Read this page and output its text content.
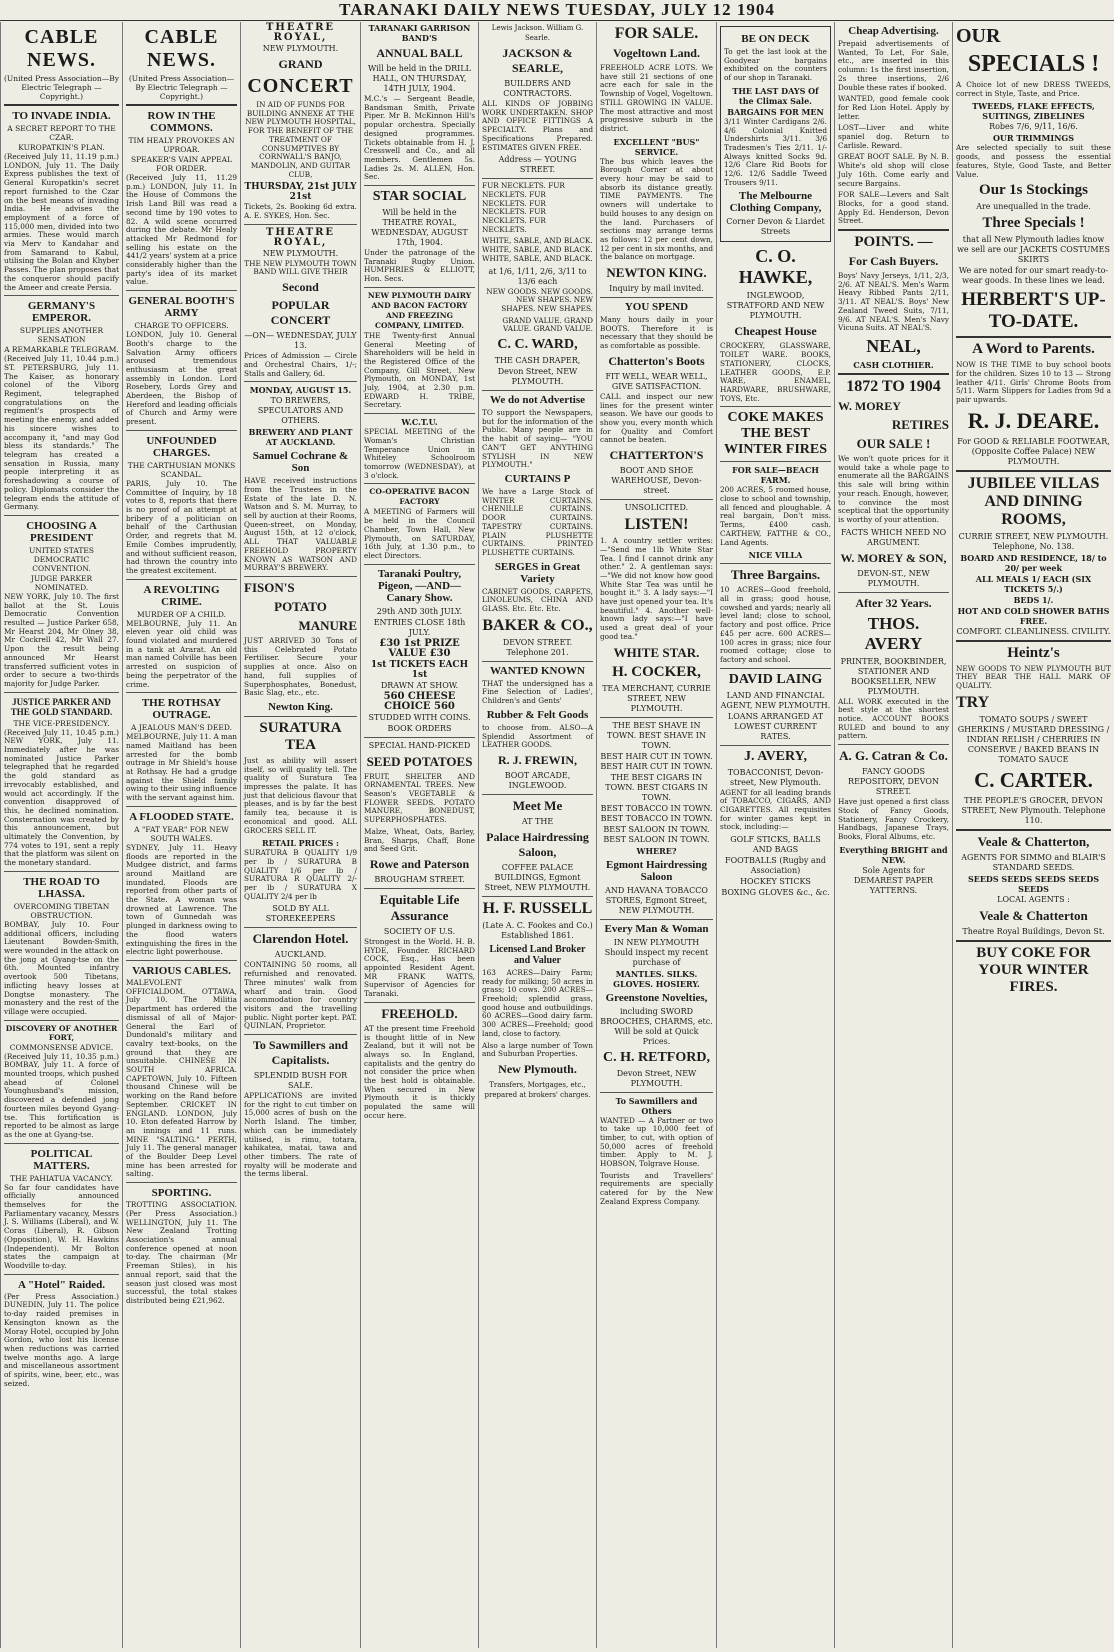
TARANAKI DAILY NEWS TUESDAY, JULY 12 1904
CABLE NEWS.
(United Press Association—By Electric Telegraph — Copyright.)
TO INVADE INDIA.
A SECRET REPORT TO THE CZAR.
KUROPATKIN'S PLAN.
(Received July 11, 11.19 p.m.) LONDON, July 11. The Daily Express publishes the text of General Kuropatkin's secret report furnished to the Czar on the best means of invading India. He advises the employment of a force of 115,000 men, divided into two armies. These would march via Merv to Kandahar and from Samarand to Kabul, utilising the Bolan and Khyber Passes. The plan proposes that the conqueror should pacify the Ameer and create Persia.
GERMANY'S EMPEROR.
SUPPLIES ANOTHER SENSATION
A REMARKABLE TELEGRAM.
(Received July 11, 10.44 p.m.) ST. PETERSBURG, July 11. The Kaiser, as honorary colonel of the Viborg Regiment, telegraphed congratulations on the regiment's prospects of meeting the enemy, and added his sincere wishes to accompany it, "and may God bless its standards." The telegram has created a sensation in Russia, many people interpreting it as foreshadowing a course of policy. Diplomats consider the telegram ends the attitude of Germany.
CHOOSING A PRESIDENT
UNITED STATES DEMOCRATIC CONVENTION.
JUDGE PARKER NOMINATED.
NEW YORK, July 10. The first ballot at the St. Louis Democratic Convention resulted — Justice Parker 658, Mr Hearst 204, Mr Olney 38, Mr Cockrell 42, Mr Wall 27. Upon the result being announced Mr Hearst transferred sufficient votes in order to secure a two-thirds majority for Judge Parker.
JUSTICE PARKER AND THE GOLD STANDARD.
THE VICE-PRESIDENCY.
(Received July 11, 10.45 p.m.) NEW YORK, July 11. Immediately after he was nominated Justice Parker telegraphed that he regarded the gold standard as irrevocably established, and would act accordingly. If the convention disapproved of this, he declined nomination. Consternation was created by this announcement, but ultimately the Convention, by 774 votes to 191, sent a reply that the platform was silent on the monetary standard.
THE ROAD TO LHASSA.
OVERCOMING TIBETAN OBSTRUCTION.
BOMBAY, July 10. Four additional officers, including Lieutenant Bowden-Smith, were wounded in the attack on the jong at Gyang-tse on the 6th. Mounted infantry overtook 500 Tibetans, inflicting heavy losses at Dongtse monastery. The monastery and the rest of the village were occupied.
DISCOVERY OF ANOTHER FORT,
COMMONSENSE ADVICE.
(Received July 11, 10.35 p.m.) BOMBAY, July 11. A force of mounted troops, which pushed ahead of Colonel Younghusband's mission, discovered a defended jong fourteen miles beyond Gyang-tse. This fortification is reported to be almost as large as the one at Gyang-tse.
POLITICAL MATTERS.
THE PAHIATUA VACANCY.
So far four candidates have officially announced themselves for the Parliamentary vacancy, Messrs J. S. Williams (Liberal), and W. Coras (Liberal), R. Gibson (Opposition), W. H. Hawkins (Independent). Mr Bolton states the campaign at Woodville to-day.
A "Hotel" Raided.
(Per Press Association.) DUNEDIN, July 11. The police to-day raided premises in Kensington known as the Moray Hotel, occupied by John Gordon, who lost his license when reductions was carried twelve months ago. A large and miscellaneous assortment of spirits, wine, beer, etc., was seized.
CABLE NEWS.
(United Press Association—By Electric Telegraph — Copyright.)
ROW IN THE COMMONS.
TIM HEALY PROVOKES AN UPROAR.
SPEAKER'S VAIN APPEAL FOR ORDER.
(Received July 11, 11.29 p.m.) LONDON, July 11. In the House of Commons the Irish Land Bill was read a second time by 190 votes to 82. A wild scene occurred during the debate. Mr Healy attacked Mr Redmond for selling his estate on the 441/2 years' system at a price considerably higher than the party's idea of its market value.
GENERAL BOOTH'S ARMY
CHARGE TO OFFICERS.
LONDON, July 10. General Booth's charge to the Salvation Army officers aroused tremendous enthusiasm at the great assembly in London. Lord Rosebery, Lords Grey and Aberdeen, the Bishop of Hereford and leading officials of Church and Army were present.
UNFOUNDED CHARGES.
THE CARTHUSIAN MONKS SCANDAL.
PARIS, July 10. The Committee of Inquiry, by 18 votes to 8, reports that there is no proof of an attempt at bribery of a politician on behalf of the Carthusian Order, and regrets that M. Emile Combes imprudently, and without sufficient reason, had thrown the country into the greatest excitement.
A REVOLTING CRIME.
MURDER OF A CHILD.
MELBOURNE, July 11. An eleven year old child was found violated and murdered in a tank at Ararat. An old man named Colville has been arrested on suspicion of being the perpetrator of the crime.
THE ROTHSAY OUTRAGE.
A JEALOUS MAN'S DEED.
MELBOURNE, July 11. A man named Maitland has been arrested for the bomb outrage in Mr Shield's house at Rothsay. He had a grudge against the Shield family owing to their using influence with the servant against him.
A FLOODED STATE.
A "FAT YEAR" FOR NEW SOUTH WALES.
SYDNEY, July 11. Heavy floods are reported in the Mudgee district, and farms around Maitland are inundated. Floods are reported from other parts of the State. A woman was drowned at Lawrence. The town of Gunnedah was plunged in darkness owing to the flood waters extinguishing the fires in the electric light powerhouse.
VARIOUS CABLES.
MALEVOLENT OFFICIALDOM. OTTAWA, July 10. The Militia Department has ordered the dismissal of all of Major-General the Earl of Dundonald's military and cavalry text-books, on the ground that they are unsuitable. CHINESE IN SOUTH AFRICA. CAPETOWN, July 10. Fifteen thousand Chinese will be working on the Rand before September. CRICKET IN ENGLAND. LONDON, July 10. Eton defeated Harrow by an innings and 11 runs. MINE "SALTING." PERTH, July 11. The general manager of the Boulder Deep Level mine has been arrested for salting.
SPORTING.
TROTTING ASSOCIATION. (Per Press Association.) WELLINGTON, July 11. The New Zealand Trotting Association's annual conference opened at noon to-day. The chairman (Mr Freeman Stiles), in his annual report, said that the season just closed was most successful, the total stakes distributed being £21,962.
THEATRE ROYAL,
NEW PLYMOUTH.
GRAND
CONCERT
IN AID OF FUNDS FOR BUILDING ANNEXE AT THE NEW PLYMOUTH HOSPITAL, FOR THE BENEFIT OF THE TREATMENT OF CONSUMPTIVES BY CORNWALL'S BANJO, MANDOLIN, AND GUITAR CLUB,
THURSDAY, 21st JULY 21st
Tickets, 2s. Booking 6d extra. A. E. SYKES, Hon. Sec.
THEATRE ROYAL,
NEW PLYMOUTH.
THE NEW PLYMOUTH TOWN BAND WILL GIVE THEIR
Second
POPULAR CONCERT
—ON— WEDNESDAY, JULY 13.
Prices of Admission — Circle and Orchestral Chairs, 1/-; Stalls and Gallery, 6d.
MONDAY, AUGUST 15.
TO BREWERS, SPECULATORS AND OTHERS.
BREWERY AND PLANT AT AUCKLAND.
Samuel Cochrane & Son
HAVE received instructions from the Trustees in the Estate of the late D. N. Watson and S. M. Murray, to sell by auction at their Rooms, Queen-street, on Monday, August 15th, at 12 o'clock, ALL THAT VALUABLE FREEHOLD PROPERTY KNOWN AS WATSON AND MURRAY'S BREWERY.
FISON'S
POTATO
MANURE
JUST ARRIVED 30 Tons of this Celebrated Potato Fertiliser. Secure your supplies at once. Also on hand, full supplies of Superphosphates, Bonedust, Basic Slag, etc., etc.
Newton King.
SURATURA TEA
Just as ability will assert itself, so will quality tell. The quality of Suratura Tea impresses the palate. It has just that delicious flavour that pleases, and is by far the best family tea, because it is economical and good. ALL GROCERS SELL IT.
RETAIL PRICES :
SURATURA B QUALITY 1/9 per lb / SURATURA B QUALITY 1/6 per lb / SURATURA R QUALITY 2/- per lb / SURATURA X QUALITY 2/4 per lb
SOLD BY ALL STOREKEEPERS
Clarendon Hotel.
AUCKLAND.
CONTAINING 50 rooms, all refurnished and renovated. Three minutes' walk from wharf and train. Good accommodation for country visitors and the travelling public. Night porter kept. PAT. QUINLAN, Proprietor.
To Sawmillers and Capitalists.
SPLENDID BUSH FOR SALE.
APPLICATIONS are invited for the right to cut timber on 15,000 acres of bush on the North Island. The timber, which can be immediately utilised, is rimu, totara, kahikatea, matai, tawa and other timbers. The rate of royalty will be moderate and the terms liberal.
TARANAKI GARRISON BAND'S
ANNUAL BALL
Will be held in the DRILL HALL, ON THURSDAY, 14TH JULY, 1904.
M.C.'s — Sergeant Beadle, Bandsman Smith, Private Piper. Mr B. McKinnon Hill's popular orchestra. Specially designed programmes. Tickets obtainable from H. J. Cresswell and Co., and all members. Gentlemen 5s. Ladies 2s. M. ALLEN, Hon. Sec.
STAR SOCIAL
Will be held in the THEATRE ROYAL, WEDNESDAY, AUGUST 17th, 1904.
Under the patronage of the Taranaki Rugby Union. HUMPHRIES & ELLIOTT, Hon. Secs.
NEW PLYMOUTH DAIRY AND BACON FACTORY AND FREEZING COMPANY, LIMITED.
THE Twenty-first Annual General Meeting of Shareholders will be held in the Registered Office of the Company, Gill Street, New Plymouth, on MONDAY, 1st July, 1904, at 2.30 p.m. EDWARD H. TRIBE, Secretary.
W.C.T.U.
SPECIAL MEETING of the Woman's Christian Temperance Union in Whiteley Schoolroom tomorrow (WEDNESDAY), at 3 o'clock.
CO-OPERATIVE BACON FACTORY
A MEETING of Farmers will be held in the Council Chamber, Town Hall, New Plymouth, on SATURDAY, 16th July, at 1.30 p.m., to elect Directors.
Taranaki Poultry, Pigeon, —AND— Canary Show.
29th AND 30th JULY.
ENTRIES CLOSE 18th JULY.
£30 1st PRIZE VALUE £30
1st TICKETS EACH 1st
DRAWN AT SHOW.
560 CHEESE CHOICE 560
STUDDED WITH COINS.
BOOK ORDERS
SPECIAL HAND-PICKED
SEED POTATOES
FRUIT, SHELTER AND ORNAMENTAL TREES. New Season's VEGETABLE & FLOWER SEEDS. POTATO MANURE, BONEDUST, SUPERPHOSPHATES.
Malze, Wheat, Oats, Barley, Bran, Sharps, Chaff, Bone and Seed Grit.
Rowe and Paterson
BROUGHAM STREET.
Equitable Life Assurance
SOCIETY OF U.S.
Strongest in the World. H. B. HYDE, Founder. RICHARD COCK, Esq., Has been appointed Resident Agent. MR FRANK WATTS, Supervisor of Agencies for Taranaki.
FREEHOLD.
AT the present time Freehold is thought little of in New Zealand, but it will not be always so. In England, capitalists and the gentry do not consider the price when the best hold is obtainable. When secured in New Plymouth it is thickly populated the same will occur here.
Lewis Jackson. William G. Searle.
JACKSON & SEARLE,
BUILDERS AND CONTRACTORS.
ALL KINDS OF JOBBING WORK UNDERTAKEN. SHOP AND OFFICE FITTINGS A SPECIALTY. Plans and Specifications Prepared. ESTIMATES GIVEN FREE.
Address — YOUNG STREET.
FUR NECKLETS. FUR NECKLETS. FUR NECKLETS. FUR NECKLETS. FUR NECKLETS. FUR NECKLETS.
WHITE, SABLE, AND BLACK. WHITE, SABLE, AND BLACK. WHITE, SABLE, AND BLACK.
at 1/6, 1/11, 2/6, 3/11 to 13/6 each
NEW GOODS. NEW GOODS. NEW SHAPES. NEW SHAPES. NEW SHAPES.
GRAND VALUE. GRAND VALUE. GRAND VALUE.
C. C. WARD,
THE CASH DRAPER,
Devon Street, NEW PLYMOUTH.
We do not Advertise
TO support the Newspapers, but for the information of the Public. Many people are in the habit of saying— "YOU CAN'T GET ANYTHING STYLISH IN NEW PLYMOUTH."
CURTAINS P
We have a Large Stock of WINTER CURTAINS. CHENILLE CURTAINS. DOOR CURTAINS. TAPESTRY CURTAINS. PLAIN PLUSHETTE CURTAINS. PRINTED PLUSHETTE CURTAINS.
SERGES in Great Variety
CABINET GOODS, CARPETS, LINOLEUMS, CHINA AND GLASS. Etc. Etc. Etc.
BAKER & CO.,
DEVON STREET. Telephone 201.
WANTED KNOWN
THAT the undersigned has a Fine Selection of Ladies', Children's and Gents'
Rubber & Felt Goods
to choose from. ALSO—A Splendid Assortment of LEATHER GOODS.
R. J. FREWIN,
BOOT ARCADE, INGLEWOOD.
Meet Me
AT THE
Palace Hairdressing Saloon,
COFFEE PALACE BUILDINGS, Egmont Street, NEW PLYMOUTH.
H. F. RUSSELL
(Late A. C. Fookes and Co.) Established 1861.
Licensed Land Broker and Valuer
163 ACRES—Dairy Farm; ready for milking; 50 acres in grass; 10 cows. 200 ACRES—Freehold; splendid grass, good house and outbuildings. 60 ACRES—Good dairy farm. 300 ACRES—Freehold; good land, close to factory.
Also a large number of Town and Suburban Properties.
New Plymouth.
Transfers, Mortgages, etc., prepared at brokers' charges.
FOR SALE.
Vogeltown Land.
FREEHOLD ACRE LOTS. We have still 21 sections of one acre each for sale in the Township of Vogel, Vogeltown. STILL GROWING IN VALUE. The most attractive and most progressive suburb in the district.
EXCELLENT "BUS" SERVICE.
The bus which leaves the Borough Corner at about every hour may be said to absorb its distance greatly. TIME PAYMENTS. The owners will undertake to build houses to any design on the land. Purchasers of sections may arrange terms as follows: 12 per cent down, 12 per cent in six months, and the balance on mortgage.
NEWTON KING.
Inquiry by mail invited.
YOU SPEND
Many hours daily in your BOOTS. Therefore it is necessary that they should be as comfortable as possible.
Chatterton's Boots
FIT WELL, WEAR WELL, GIVE SATISFACTION.
CALL and inspect our new lines for the present winter season. We have our goods to show you, every month which for Quality and Comfort cannot be beaten.
CHATTERTON'S
BOOT AND SHOE WAREHOUSE, Devon-street.
UNSOLICITED.
LISTEN!
1. A country settler writes:—"Send me 1lb White Star Tea. I find I cannot drink any other." 2. A gentleman says:—"We did not know how good White Star Tea was until he bought it." 3. A lady says:—"I have just opened your tea. It's beautiful." 4. Another well-known lady says:—"I have used a great deal of your good tea."
WHITE STAR.
H. COCKER,
TEA MERCHANT, CURRIE STREET, NEW PLYMOUTH.
THE BEST SHAVE IN TOWN. BEST SHAVE IN TOWN.
BEST HAIR CUT IN TOWN. BEST HAIR CUT IN TOWN.
THE BEST CIGARS IN TOWN. BEST CIGARS IN TOWN.
BEST TOBACCO IN TOWN. BEST TOBACCO IN TOWN.
BEST SALOON IN TOWN. BEST SALOON IN TOWN.
WHERE?
Egmont Hairdressing Saloon
AND HAVANA TOBACCO STORES, Egmont Street, NEW PLYMOUTH.
Every Man & Woman
IN NEW PLYMOUTH Should inspect my recent purchase of
MANTLES. SILKS. GLOVES. HOSIERY.
Greenstone Novelties,
including SWORD BROOCHES, CHARMS, etc. Will be sold at Quick Prices.
C. H. RETFORD,
Devon Street, NEW PLYMOUTH.
To Sawmillers and Others
WANTED — A Partner or two to take up 10,000 feet of timber, to cut, with option of 50,000 acres of freehold timber. Apply to M. J. HOBSON, Tolgrave House.
Tourists and Travellers' requirements are specially catered for by the New Zealand Express Company.
BE ON DECK
To get the last look at the Goodyear bargains exhibited on the counters of our shop in Taranaki.
THE LAST DAYS Of the Climax Sale.
BARGAINS FOR MEN
3/11 Winter Cardigans 2/6. 4/6 Colonial Knitted Undershirts 3/11. 3/6 Tradesmen's Ties 2/11. 1/- Always knitted Socks 9d. 12/6 Clare Rid Boots for 12/6. 12/6 Saddle Tweed Trousers 9/11.
The Melbourne Clothing Company,
Corner Devon & Liardet Streets
C. O. HAWKE,
INGLEWOOD, STRATFORD AND NEW PLYMOUTH.
Cheapest House
CROCKERY, GLASSWARE, TOILET WARE. BOOKS, STATIONERY, CLOCKS, LEATHER GOODS, E.P. WARE, ENAMEL, HARDWARE, BRUSHWARE, TOYS, Etc.
COKE MAKES THE BEST WINTER FIRES
FOR SALE—BEACH FARM.
200 ACRES, 5 roomed house, close to school and township, all fenced and ploughable. A real bargain, Don't miss. Terms, £400 cash. CARTHEW, FATTHE & CO., Land Agents.
NICE VILLA
Three Bargains.
10 ACRES—Good freehold, all in grass; good house, cowshed and yards; nearly all level land; close to school, factory and post office. Price £45 per acre. 600 ACRES—100 acres in grass; nice four roomed cottage; close to factory and school.
DAVID LAING
LAND AND FINANCIAL AGENT, NEW PLYMOUTH.
LOANS ARRANGED AT LOWEST CURRENT RATES.
J. AVERY,
TOBACCONIST, Devon-street, New Plymouth.
AGENT for all leading brands of TOBACCO, CIGARS, AND CIGARETTES. All requisites for winter games kept in stock, including:—
GOLF STICKS, BALLS AND BAGS
FOOTBALLS (Rugby and Association)
HOCKEY STICKS
BOXING GLOVES &c., &c.
Cheap Advertising.
Prepaid advertisements of Wanted, To Let, For Sale, etc., are inserted in this column: 1s the first insertion, 2s three insertions, 2/6 Double these rates if booked.
WANTED, good female cook for Red Lion Hotel. Apply by letter.
LOST—Liver and white spaniel dog. Return to Carlisle. Reward.
GREAT BOOT SALE. By N. B. White's old shop will close July 16th. Come early and secure Bargains.
FOR SALE—Levers and Salt Blocks, for a good stand. Apply Ed. Henderson, Devon Street.
POINTS. —
For Cash Buyers.
Boys' Navy Jerseys, 1/11, 2/3, 2/6. AT NEAL'S. Men's Warm Heavy Ribbed Pants 2/11, 3/11. AT NEAL'S. Boys' New Zealand Tweed Suits, 7/11, 9/6. AT NEAL'S. Men's Navy Vicuna Suits. AT NEAL'S.
NEAL,
CASH CLOTHIER.
1872 TO 1904
W. MOREY
RETIRES
OUR SALE !
We won't quote prices for it would take a whole page to enumerate all the BARGAINS this sale will bring within your reach. Enough, however, to convince the most sceptical that the opportunity is worthy of your attention.
FACTS WHICH NEED NO ARGUMENT.
W. MOREY & SON,
DEVON-ST., NEW PLYMOUTH.
After 32 Years.
THOS. AVERY
PRINTER, BOOKBINDER, STATIONER AND BOOKSELLER, NEW PLYMOUTH.
ALL WORK executed in the best style at the shortest notice. ACCOUNT BOOKS RULED and bound to any pattern.
A. G. Catran & Co.
FANCY GOODS REPOSITORY, DEVON STREET.
Have just opened a first class Stock of Fancy Goods, Stationery, Fancy Crockery, Handbags, Japanese Trays, Books, Floral Albums, etc.
Everything BRIGHT and NEW.
Sole Agents for DEMAREST PAPER YATTERNS.
OUR
SPECIALS !
A Choice lot of new DRESS TWEEDS, correct in Style, Taste, and Price.
TWEEDS, FLAKE EFFECTS, SUITINGS, ZIBELINES
Robes 7/6, 9/11, 16/6.
OUR TRIMMINGS
Are selected specially to suit these goods, and possess the essential features, Style, Good Taste, and Better Value.
Our 1s Stockings
Are unequalled in the trade.
Three Specials !
that all New Plymouth ladies know we sell are our JACKETS COSTUMES SKIRTS
We are noted for our smart ready-to-wear goods. In these lines we lead.
HERBERT'S UP-TO-DATE.
A Word to Parents.
NOW IS THE TIME to buy school boots for the children. Sizes 10 to 13 — Strong leather 4/11. Girls' Chrome Boots from 5/11. Warm Slippers for Ladies from 9d a pair upwards.
R. J. DEARE.
For GOOD & RELIABLE FOOTWEAR, (Opposite Coffee Palace) NEW PLYMOUTH.
JUBILEE VILLAS AND DINING ROOMS,
CURRIE STREET, NEW PLYMOUTH. Telephone, No. 138.
BOARD AND RESIDENCE, 18/ to 20/ per week
ALL MEALS 1/ EACH (SIX TICKETS 5/.)
BEDS 1/.
HOT AND COLD SHOWER BATHS FREE.
COMFORT. CLEANLINESS. CIVILITY.
Heintz's
NEW GOODS TO NEW PLYMOUTH BUT THEY BEAR THE HALL MARK OF QUALITY.
TRY
TOMATO SOUPS / SWEET GHERKINS / MUSTARD DRESSING / INDIAN RELISH / CHERRIES IN CONSERVE / BAKED BEANS IN TOMATO SAUCE
C. CARTER.
THE PEOPLE'S GROCER, DEVON STREET, New Plymouth. Telephone 110.
Veale & Chatterton,
AGENTS FOR SIMMO and BLAIR'S STANDARD SEEDS.
SEEDS SEEDS SEEDS SEEDS SEEDS
LOCAL AGENTS :
Veale & Chatterton
Theatre Royal Buildings, Devon St.
BUY COKE FOR YOUR WINTER FIRES.
